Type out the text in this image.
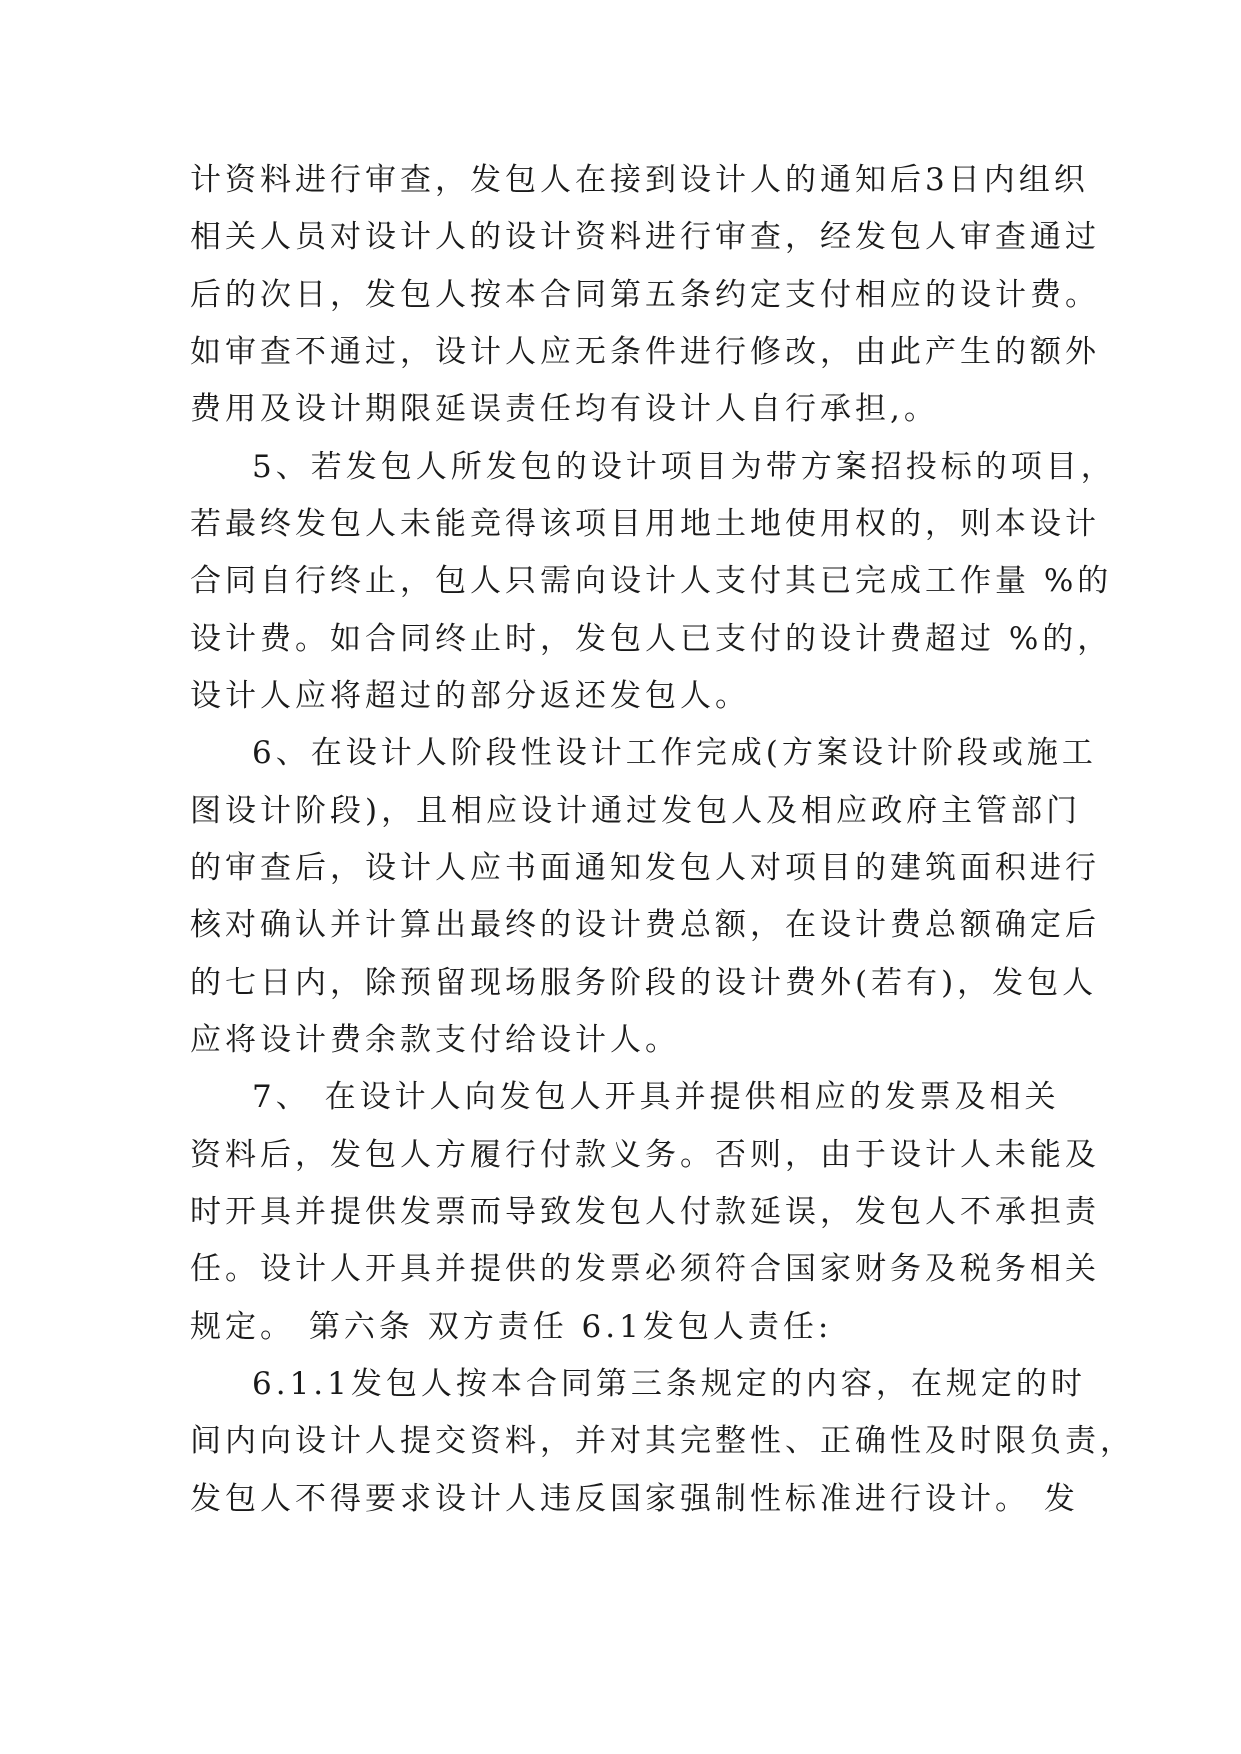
计资料进行审查，发包人在接到设计人的通知后3日内组织
相关人员对设计人的设计资料进行审查，经发包人审查通过
后的次日，发包人按本合同第五条约定支付相应的设计费。
如审查不通过，设计人应无条件进行修改，由此产生的额外
费用及设计期限延误责任均有设计人自行承担,。
5、若发包人所发包的设计项目为带方案招投标的项目，
若最终发包人未能竞得该项目用地土地使用权的，则本设计
合同自行终止，包人只需向设计人支付其已完成工作量 %的
设计费。如合同终止时，发包人已支付的设计费超过 %的，
设计人应将超过的部分返还发包人。
6、在设计人阶段性设计工作完成(方案设计阶段或施工
图设计阶段)，且相应设计通过发包人及相应政府主管部门
的审查后，设计人应书面通知发包人对项目的建筑面积进行
核对确认并计算出最终的设计费总额，在设计费总额确定后
的七日内，除预留现场服务阶段的设计费外(若有)，发包人
应将设计费余款支付给设计人。
7、 在设计人向发包人开具并提供相应的发票及相关
资料后，发包人方履行付款义务。否则，由于设计人未能及
时开具并提供发票而导致发包人付款延误，发包人不承担责
任。设计人开具并提供的发票必须符合国家财务及税务相关
规定。 第六条 双方责任 6.1发包人责任:
6.1.1发包人按本合同第三条规定的内容，在规定的时
间内向设计人提交资料，并对其完整性、正确性及时限负责，
发包人不得要求设计人违反国家强制性标准进行设计。 发
